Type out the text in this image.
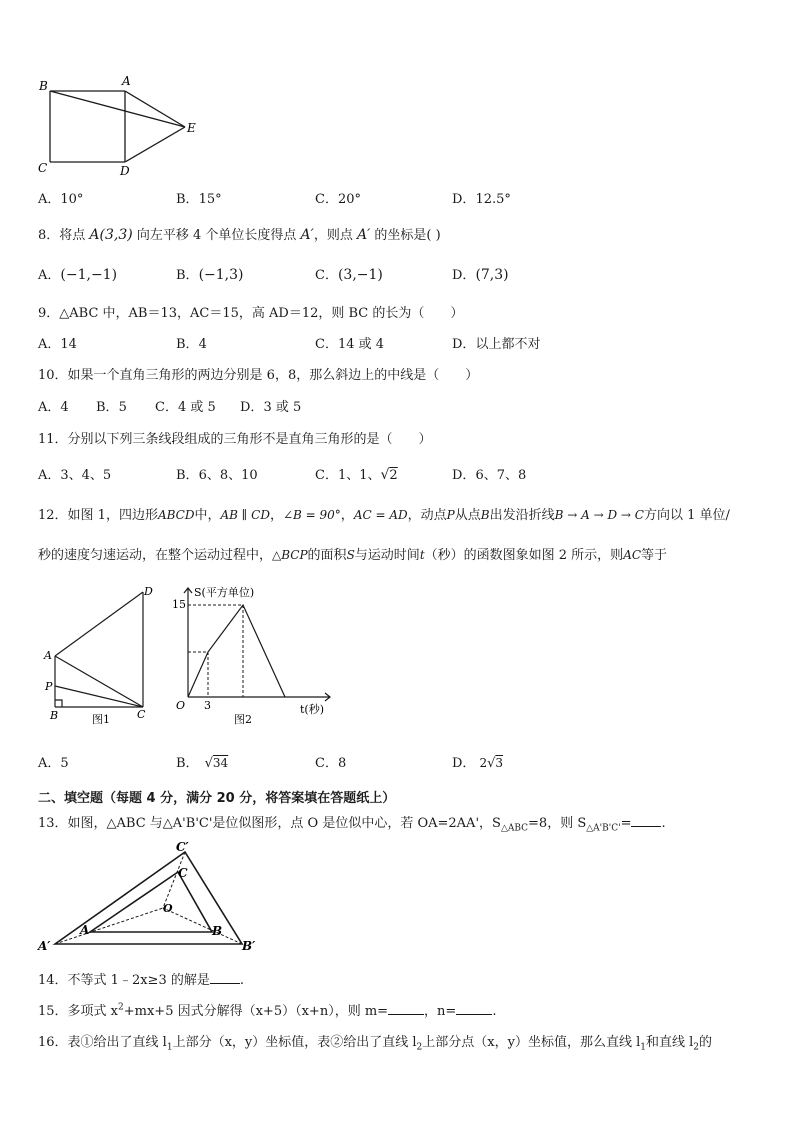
B	A
E
C	D
A．10°	B．15°	C．20°	D．12.5°
8．将点 A(3,3) 向左平移 4 个单位长度得点 A′，则点 A′ 的坐标是( )
A．(−1,−1)	B．(−1,3)	C．(3,−1)	D．(7,3)
9．△ABC 中，AB＝13，AC＝15，高 AD＝12，则 BC 的长为（　　）
A．14	B．4	C．14 或 4	D．以上都不对
10．如果一个直角三角形的两边分别是 6，8，那么斜边上的中线是（　　）
A．4 B．5 C．4 或 5 D．3 或 5
11．分别以下列三条线段组成的三角形不是直角三角形的是（　　）
A．3、4、5	B．6、8、10	C．1、1、√2	D．6、7、8
12．如图 1，四边形ABCD中，AB ∥ CD，∠B = 90°，AC = AD，动点P从点B出发沿折线B → A → D → C方向以 1 单位/
秒的速度匀速运动，在整个运动过程中，△BCP的面积S与运动时间t（秒）的函数图象如图 2 所示，则AC等于
D
A
P
B	C
图1
S(平方单位)
15
O 3	t(秒)
图2
A．5	B． √34	C．8	D． 2√3
二、填空题（每题 4 分，满分 20 分，将答案填在答题纸上）
13．如图，△ABC 与△A'B'C'是位似图形，点 O 是位似中心，若 OA=2AA'，$S_{\triangle ABC}=8$，则 $S_{\triangle A'B'C'}=$ .
C′
C
O
A	B
A′	B′
14．不等式 1﹣2x≥3 的解是 .
15．多项式 $x^2+mx+5$ 因式分解得（x+5）（x+n），则 m=	，n=	.
16．表①给出了直线 $l_1$上部分（x，y）坐标值，表②给出了直线 $l_2$上部分点（x，y）坐标值，那么直线 $l_1$和直线 $l_2$的
